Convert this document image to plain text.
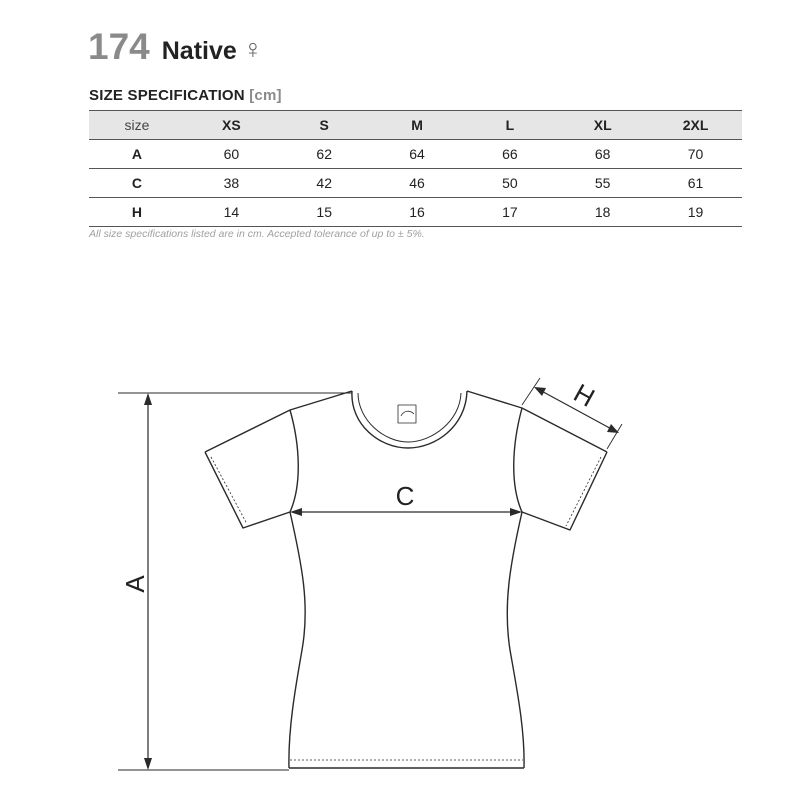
174 Native ♀
SIZE SPECIFICATION [cm]
size	XS	S	M	L	XL	2XL
A	60	62	64	66	68	70
C	38	42	46	50	55	61
H	14	15	16	17	18	19
All size specifications listed are in cm. Accepted tolerance of up to ± 5%.
A
C
H
